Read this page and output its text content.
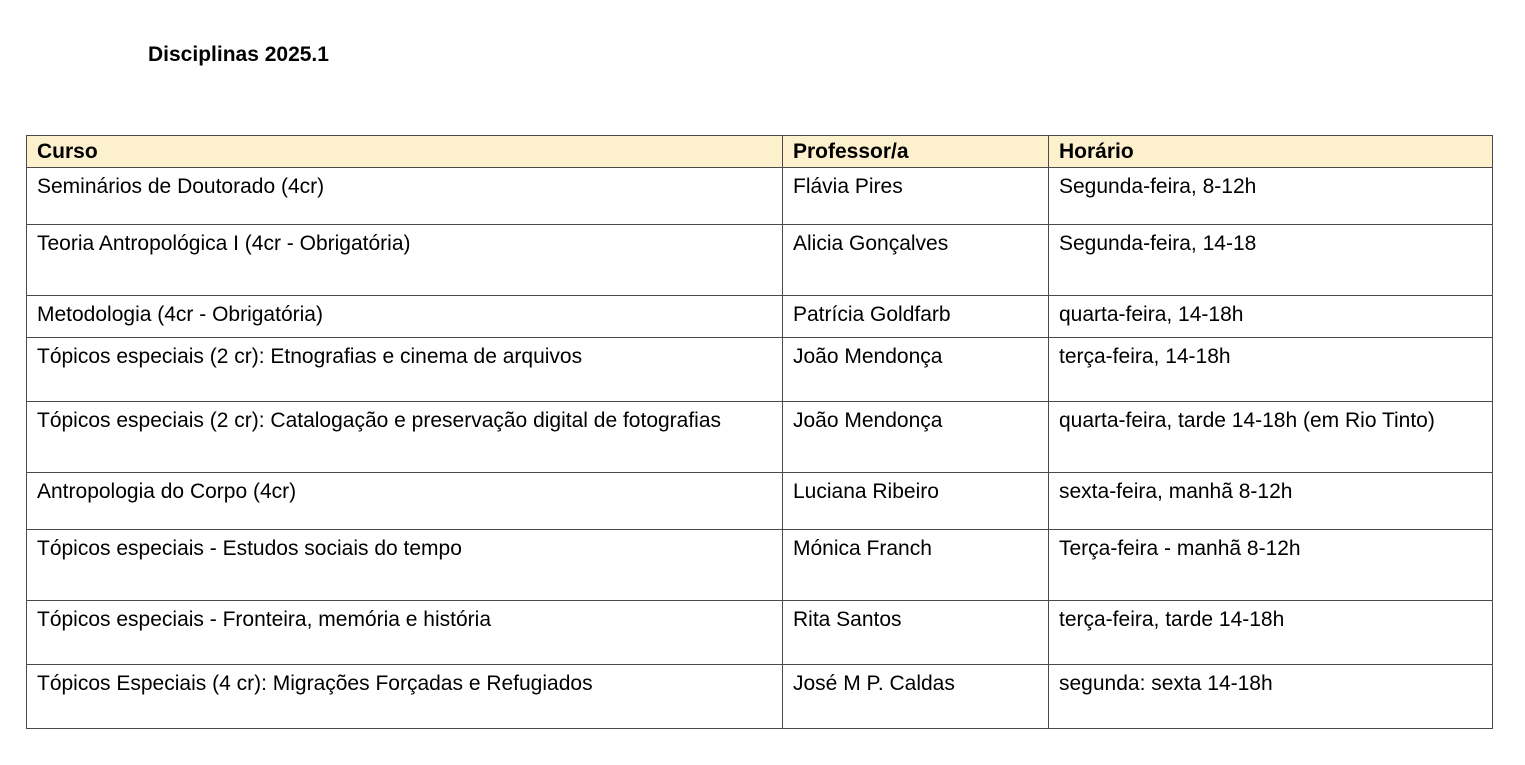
Disciplinas 2025.1
Curso	Professor/a	Horário
Seminários de Doutorado (4cr)	Flávia Pires	Segunda-feira, 8-12h
Teoria Antropológica I (4cr - Obrigatória)	Alicia Gonçalves	Segunda-feira, 14-18
Metodologia (4cr - Obrigatória)	Patrícia Goldfarb	quarta-feira, 14-18h
Tópicos especiais (2 cr): Etnografias e cinema de arquivos	João Mendonça	terça-feira, 14-18h
Tópicos especiais (2 cr): Catalogação e preservação digital de fotografias	João Mendonça	quarta-feira, tarde 14-18h (em Rio Tinto)
Antropologia do Corpo (4cr)	Luciana Ribeiro	sexta-feira, manhã 8-12h
Tópicos especiais - Estudos sociais do tempo	Mónica Franch	Terça-feira - manhã 8-12h
Tópicos especiais - Fronteira, memória e história	Rita Santos	terça-feira, tarde 14-18h
Tópicos Especiais (4 cr): Migrações Forçadas e Refugiados	José M P. Caldas	segunda: sexta 14-18h
